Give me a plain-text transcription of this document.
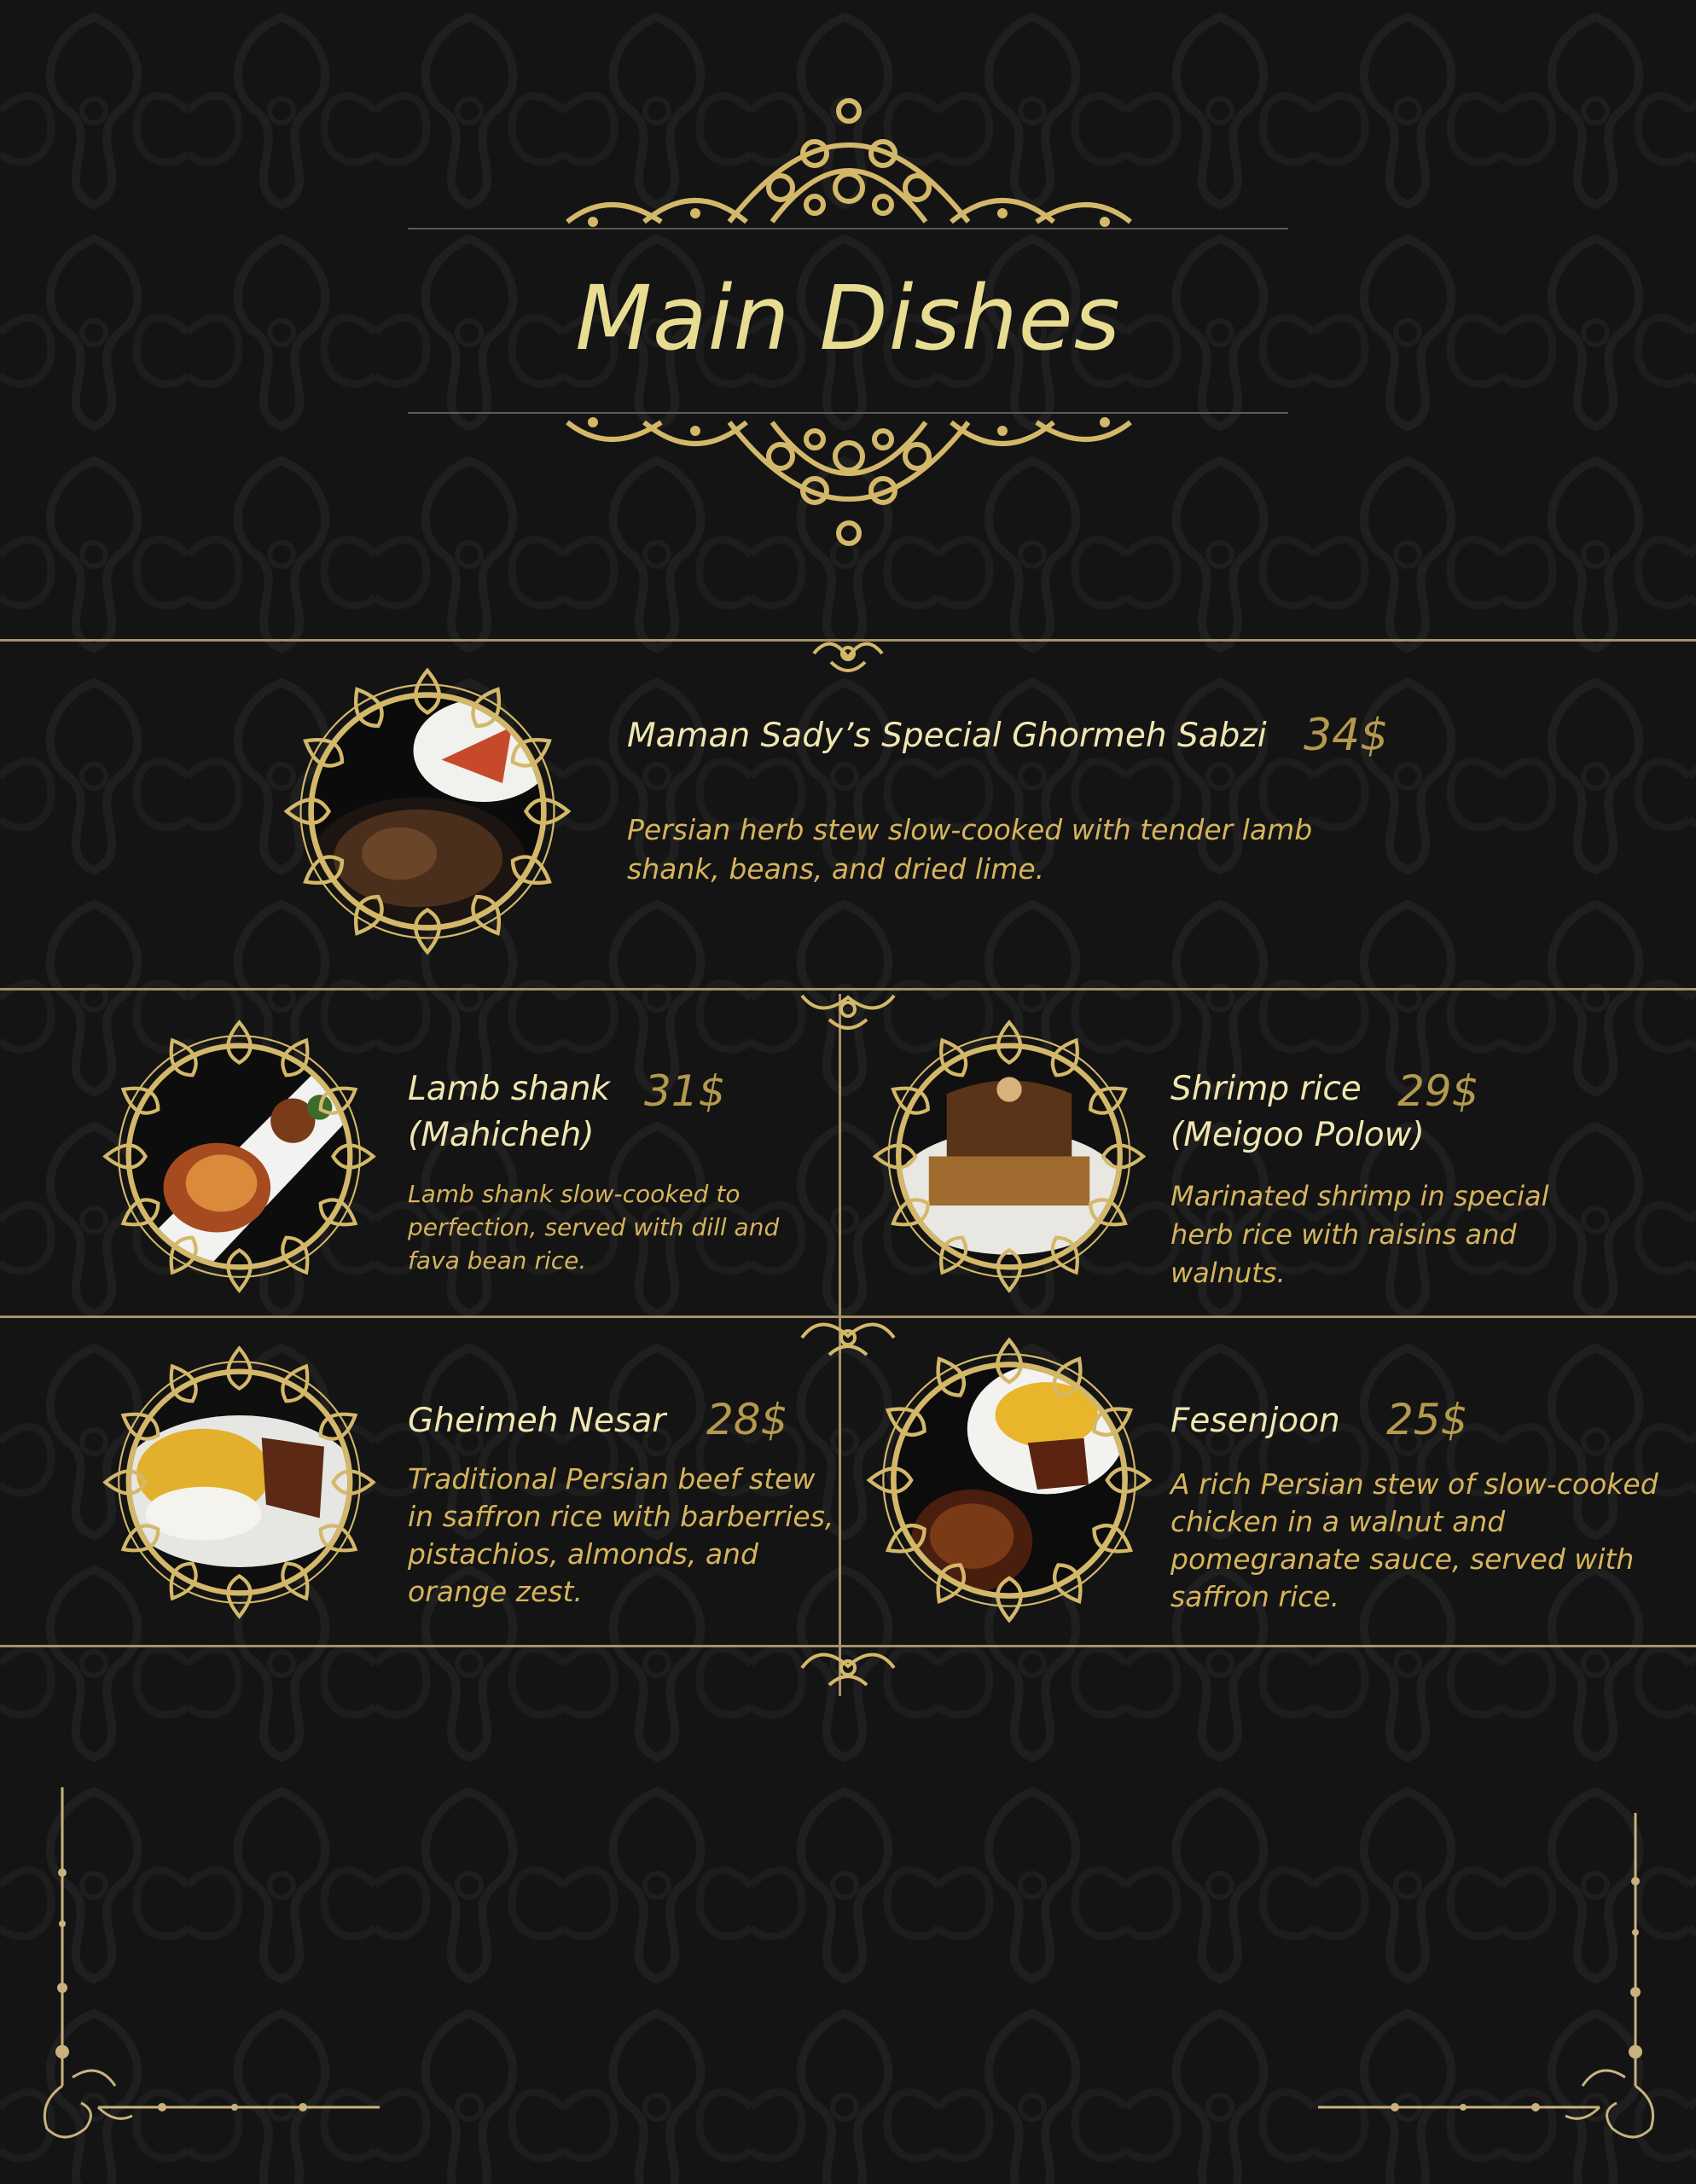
Main Dishes
Maman Sady’s Special Ghormeh Sabzi 34$
Persian herb stew slow-cooked with tender lamb shank, beans, and dried lime.
Lamb shank
(Mahicheh)
31$
Lamb shank slow-cooked to perfection, served with dill and fava bean rice.
Shrimp rice
(Meigoo Polow)
29$
Marinated shrimp in special herb rice with raisins and walnuts.
Gheimeh Nesar 28$
Traditional Persian beef stew in saffron rice with barberries, pistachios, almonds, and orange zest.
Fesenjoon 25$
A rich Persian stew of slow-cooked chicken in a walnut and pomegranate sauce, served with saffron rice.
